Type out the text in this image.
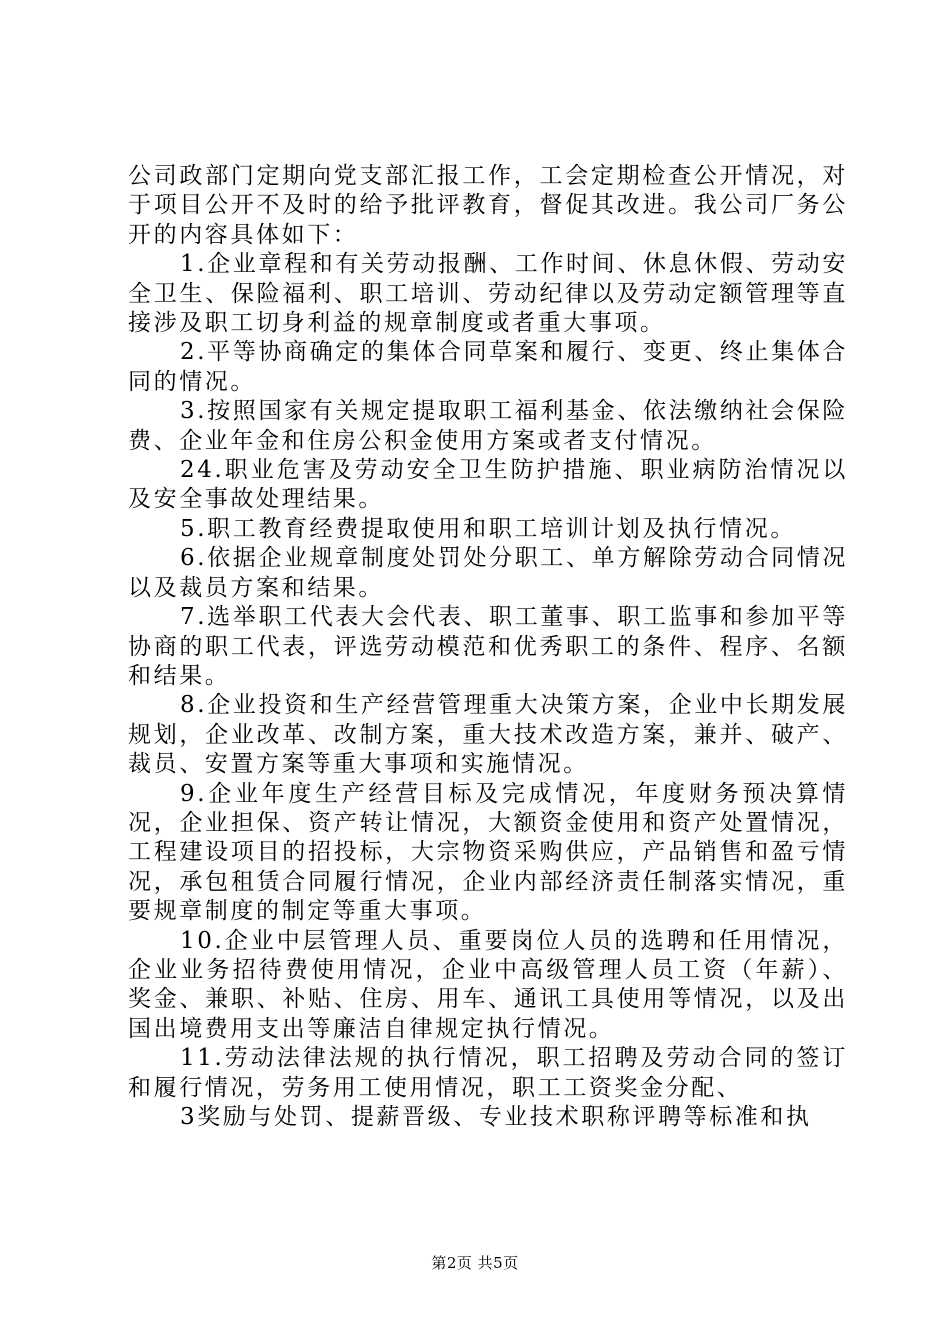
公司政部门定期向党支部汇报工作，工会定期检查公开情况，对于项目公开不及时的给予批评教育，督促其改进。我公司厂务公开的内容具体如下：

1.企业章程和有关劳动报酬、工作时间、休息休假、劳动安全卫生、保险福利、职工培训、劳动纪律以及劳动定额管理等直接涉及职工切身利益的规章制度或者重大事项。

2.平等协商确定的集体合同草案和履行、变更、终止集体合同的情况。

3.按照国家有关规定提取职工福利基金、依法缴纳社会保险费、企业年金和住房公积金使用方案或者支付情况。

24.职业危害及劳动安全卫生防护措施、职业病防治情况以及安全事故处理结果。

5.职工教育经费提取使用和职工培训计划及执行情况。

6.依据企业规章制度处罚处分职工、单方解除劳动合同情况以及裁员方案和结果。

7.选举职工代表大会代表、职工董事、职工监事和参加平等协商的职工代表，评选劳动模范和优秀职工的条件、程序、名额和结果。

8.企业投资和生产经营管理重大决策方案，企业中长期发展规划，企业改革、改制方案，重大技术改造方案，兼并、破产、裁员、安置方案等重大事项和实施情况。

9.企业年度生产经营目标及完成情况，年度财务预决算情况，企业担保、资产转让情况，大额资金使用和资产处置情况，工程建设项目的招投标，大宗物资采购供应，产品销售和盈亏情况，承包租赁合同履行情况，企业内部经济责任制落实情况，重要规章制度的制定等重大事项。

10.企业中层管理人员、重要岗位人员的选聘和任用情况，企业业务招待费使用情况，企业中高级管理人员工资（年薪）、奖金、兼职、补贴、住房、用车、通讯工具使用等情况，以及出国出境费用支出等廉洁自律规定执行情况。

11.劳动法律法规的执行情况，职工招聘及劳动合同的签订和履行情况，劳务用工使用情况，职工工资奖金分配、

3奖励与处罚、提薪晋级、专业技术职称评聘等标准和执

第2页 共5页
